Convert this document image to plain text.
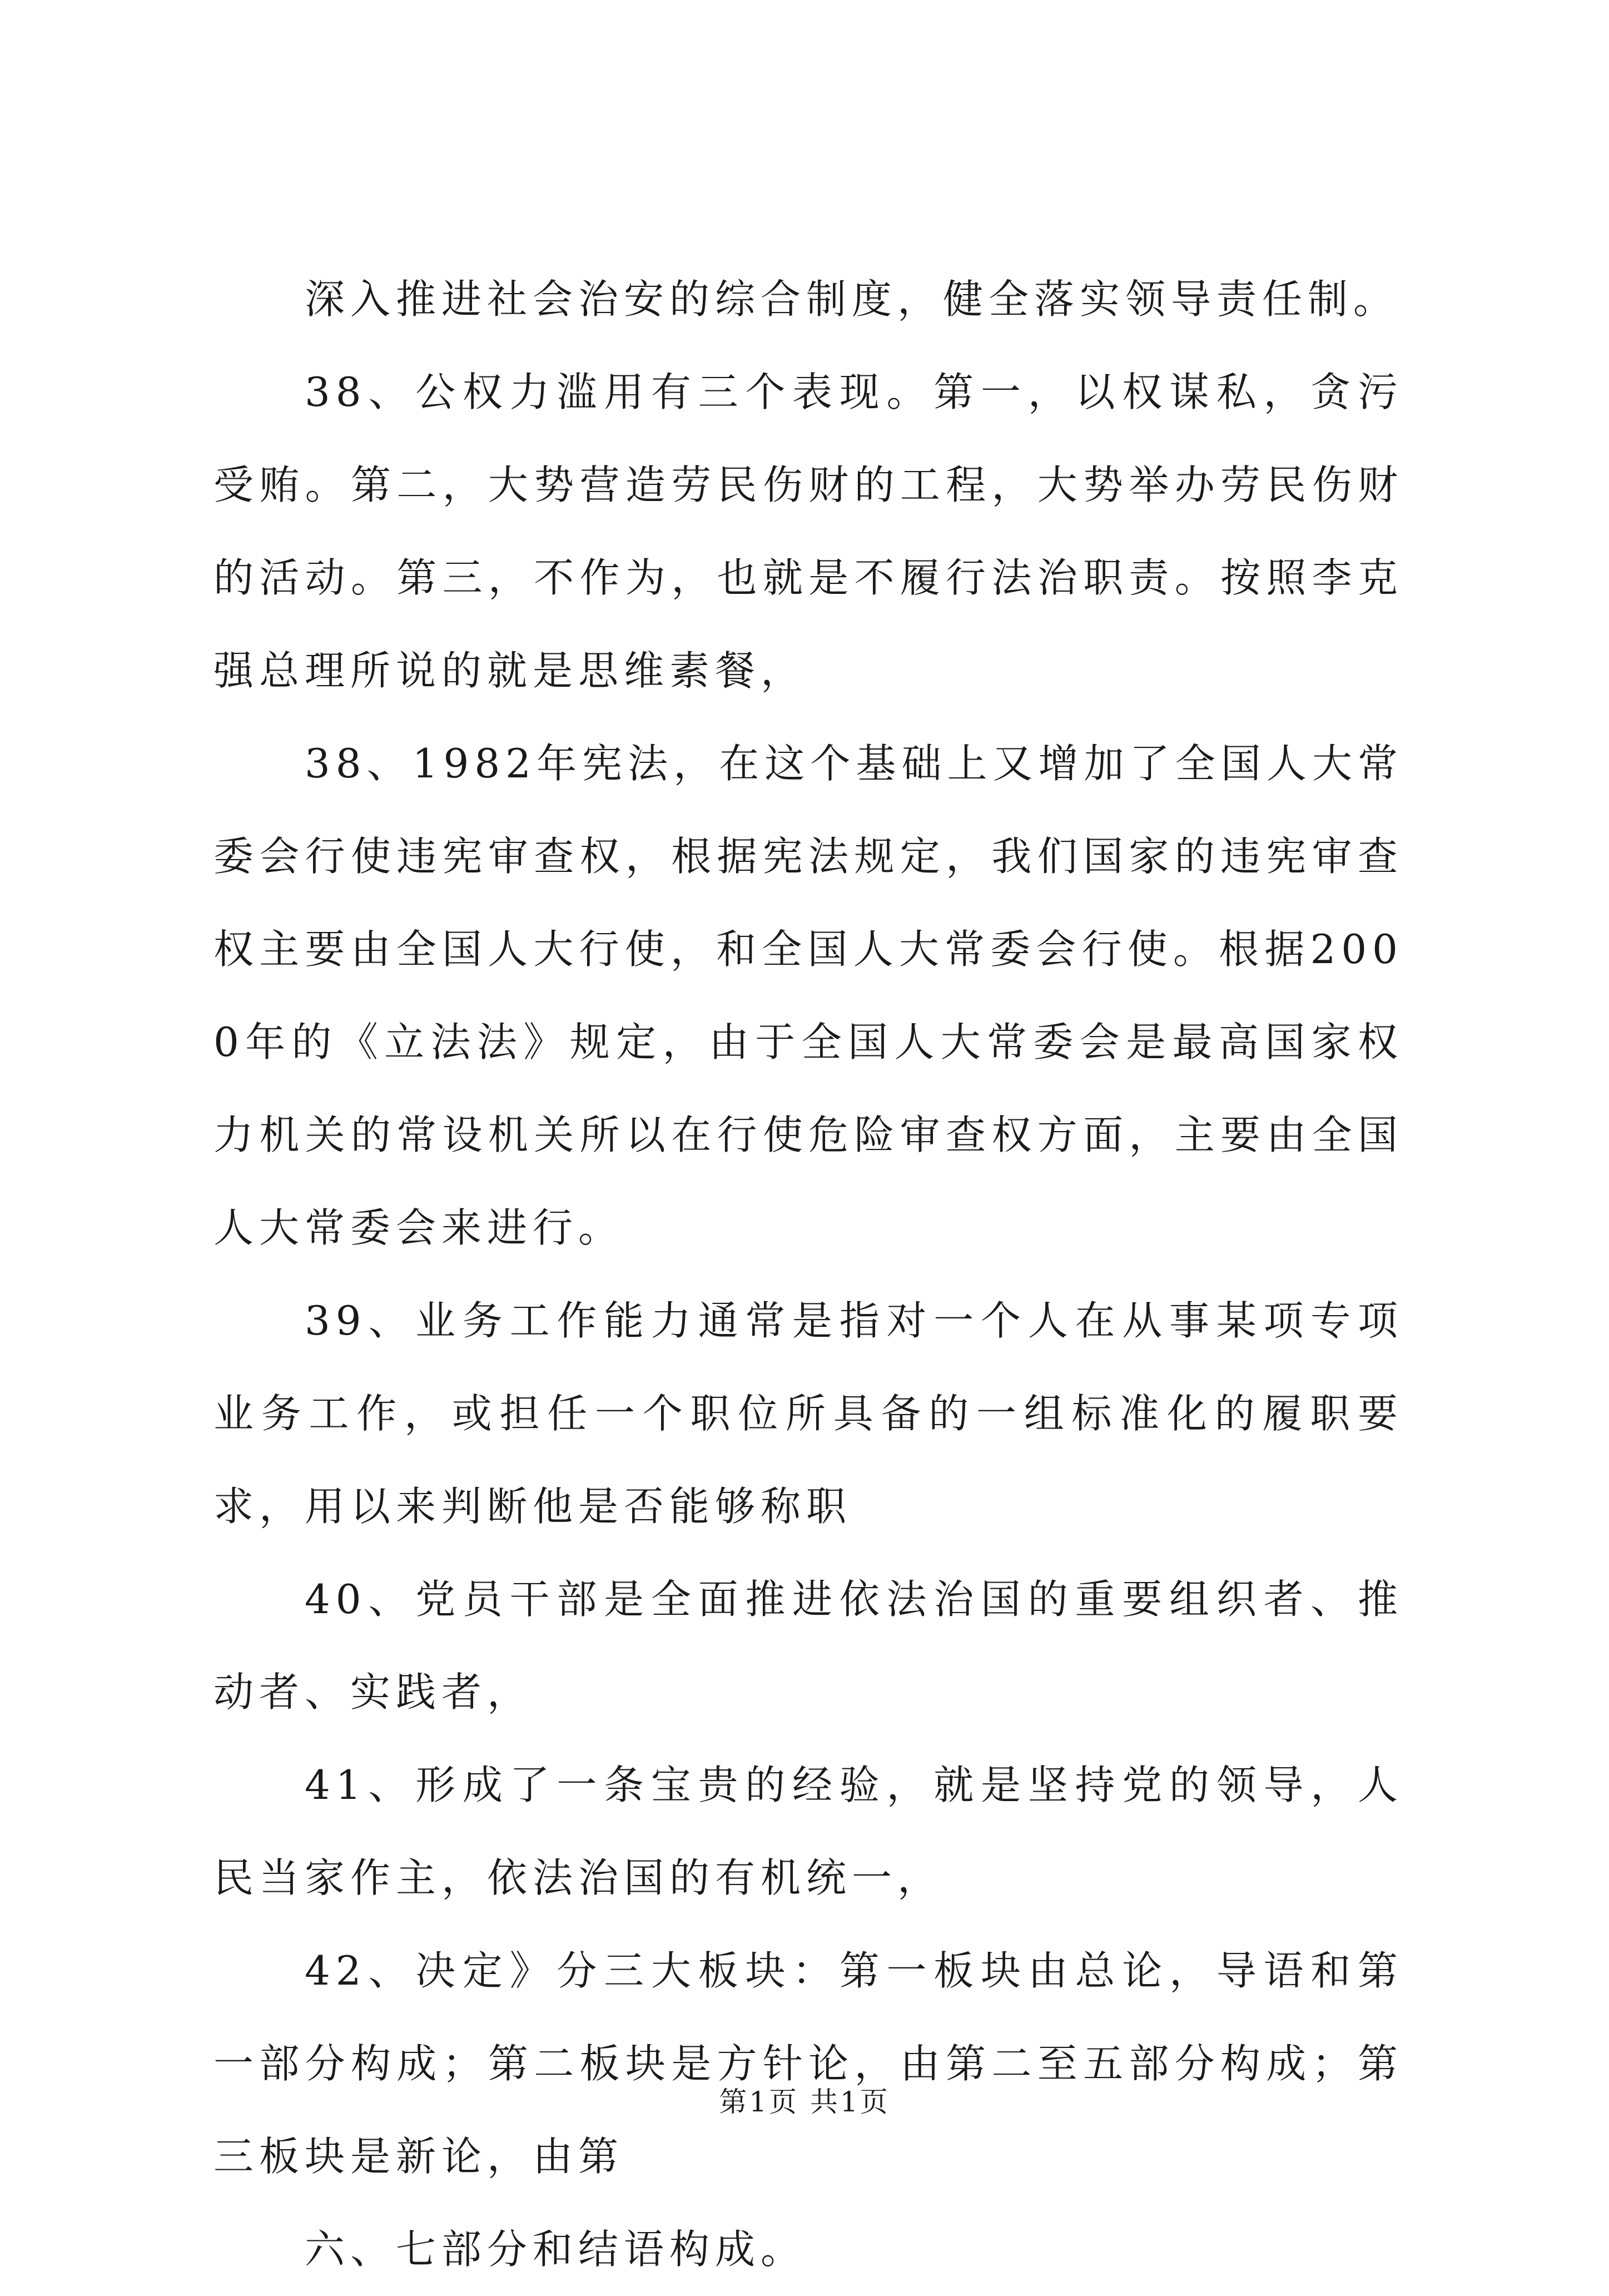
深入推进社会治安的综合制度，健全落实领导责任制。

38、公权力滥用有三个表现。第一，以权谋私，贪污受贿。第二，大势营造劳民伤财的工程，大势举办劳民伤财的活动。第三，不作为，也就是不履行法治职责。按照李克强总理所说的就是思维素餐，

38、1982年宪法，在这个基础上又增加了全国人大常委会行使违宪审查权，根据宪法规定，我们国家的违宪审查权主要由全国人大行使，和全国人大常委会行使。根据2000年的《立法法》规定，由于全国人大常委会是最高国家权力机关的常设机关所以在行使危险审查权方面，主要由全国人大常委会来进行。

39、业务工作能力通常是指对一个人在从事某项专项业务工作，或担任一个职位所具备的一组标准化的履职要求，用以来判断他是否能够称职

40、党员干部是全面推进依法治国的重要组织者、推动者、实践者，

41、形成了一条宝贵的经验，就是坚持党的领导，人民当家作主，依法治国的有机统一，

42、决定》分三大板块：第一板块由总论，导语和第一部分构成；第二板块是方针论，由第二至五部分构成；第三板块是新论，由第

六、七部分和结语构成。

第1页 共1页
